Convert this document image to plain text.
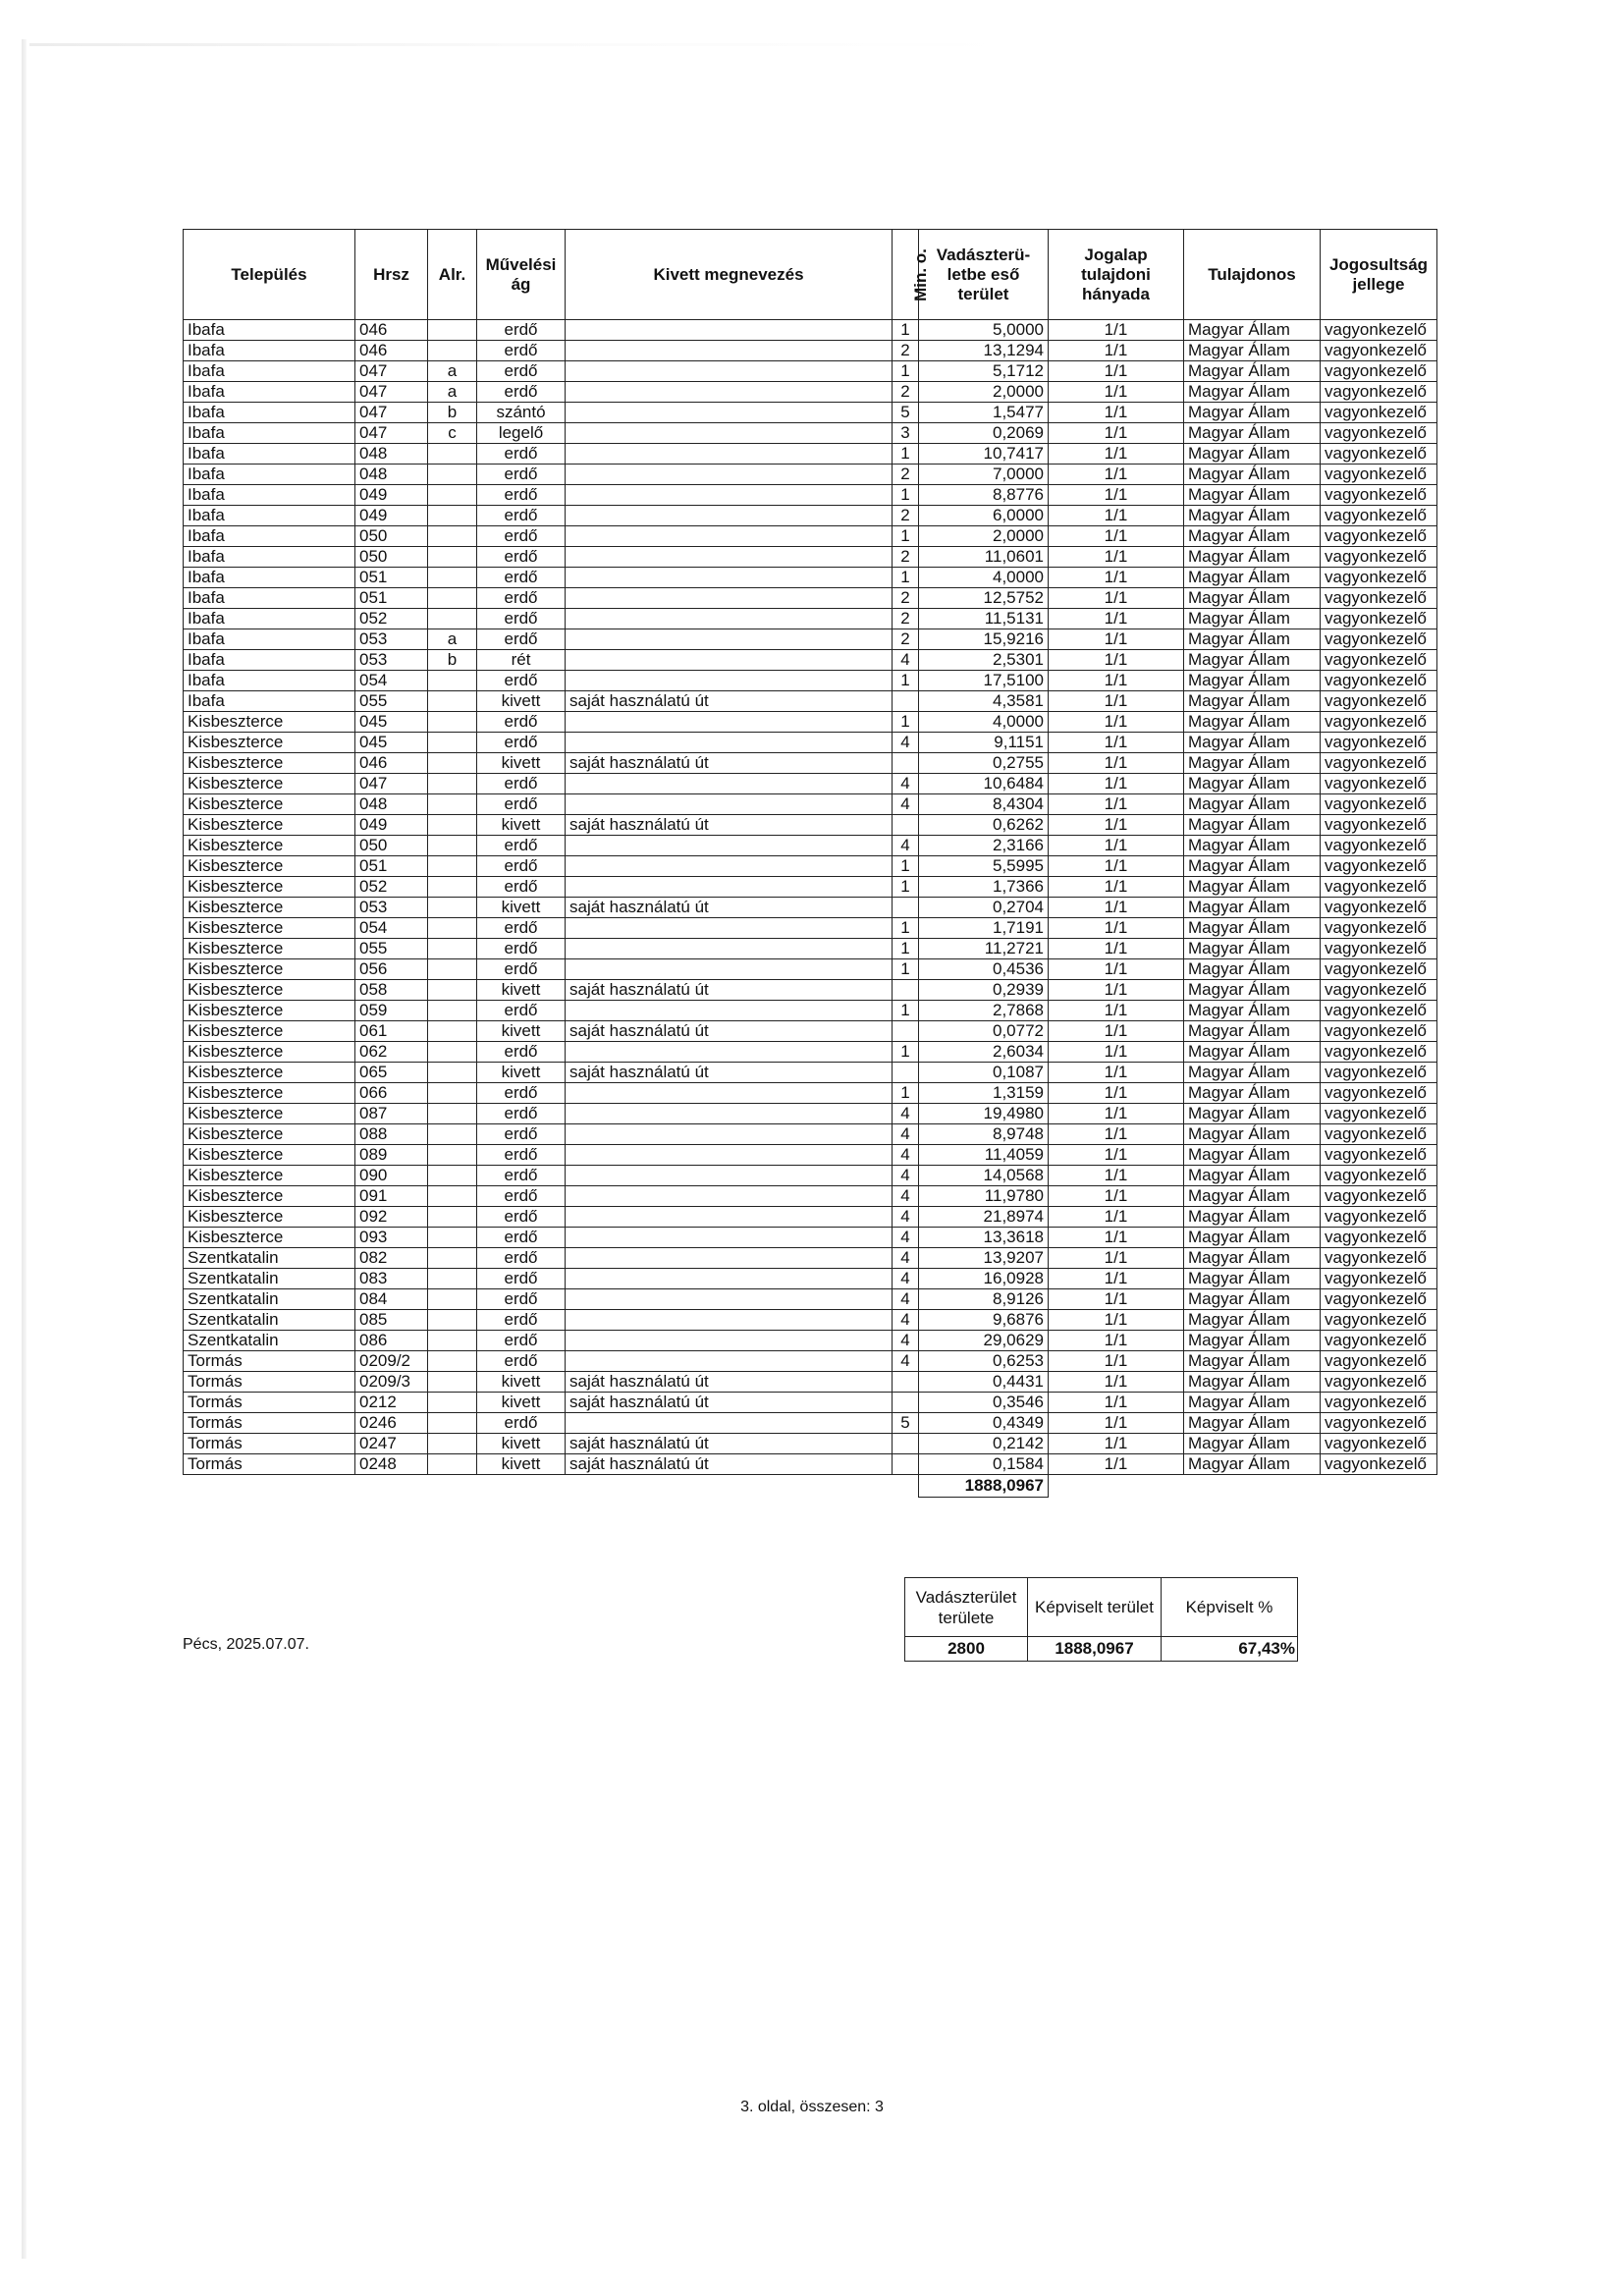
Település	Hrsz	Alr.	Művelési ág	Kivett megnevezés	Min. o.	Vadászterü-letbe eső terület	Jogalap tulajdoni hányada	Tulajdonos	Jogosultság jellege
Ibafa	046		erdő		1	5,0000	1/1	Magyar Állam	vagyonkezelő
Ibafa	046		erdő		2	13,1294	1/1	Magyar Állam	vagyonkezelő
Ibafa	047	a	erdő		1	5,1712	1/1	Magyar Állam	vagyonkezelő
Ibafa	047	a	erdő		2	2,0000	1/1	Magyar Állam	vagyonkezelő
Ibafa	047	b	szántó		5	1,5477	1/1	Magyar Állam	vagyonkezelő
Ibafa	047	c	legelő		3	0,2069	1/1	Magyar Állam	vagyonkezelő
Ibafa	048		erdő		1	10,7417	1/1	Magyar Állam	vagyonkezelő
Ibafa	048		erdő		2	7,0000	1/1	Magyar Állam	vagyonkezelő
Ibafa	049		erdő		1	8,8776	1/1	Magyar Állam	vagyonkezelő
Ibafa	049		erdő		2	6,0000	1/1	Magyar Állam	vagyonkezelő
Ibafa	050		erdő		1	2,0000	1/1	Magyar Állam	vagyonkezelő
Ibafa	050		erdő		2	11,0601	1/1	Magyar Állam	vagyonkezelő
Ibafa	051		erdő		1	4,0000	1/1	Magyar Állam	vagyonkezelő
Ibafa	051		erdő		2	12,5752	1/1	Magyar Állam	vagyonkezelő
Ibafa	052		erdő		2	11,5131	1/1	Magyar Állam	vagyonkezelő
Ibafa	053	a	erdő		2	15,9216	1/1	Magyar Állam	vagyonkezelő
Ibafa	053	b	rét		4	2,5301	1/1	Magyar Állam	vagyonkezelő
Ibafa	054		erdő		1	17,5100	1/1	Magyar Állam	vagyonkezelő
Ibafa	055		kivett	saját használatú út		4,3581	1/1	Magyar Állam	vagyonkezelő
Kisbeszterce	045		erdő		1	4,0000	1/1	Magyar Állam	vagyonkezelő
Kisbeszterce	045		erdő		4	9,1151	1/1	Magyar Állam	vagyonkezelő
Kisbeszterce	046		kivett	saját használatú út		0,2755	1/1	Magyar Állam	vagyonkezelő
Kisbeszterce	047		erdő		4	10,6484	1/1	Magyar Állam	vagyonkezelő
Kisbeszterce	048		erdő		4	8,4304	1/1	Magyar Állam	vagyonkezelő
Kisbeszterce	049		kivett	saját használatú út		0,6262	1/1	Magyar Állam	vagyonkezelő
Kisbeszterce	050		erdő		4	2,3166	1/1	Magyar Állam	vagyonkezelő
Kisbeszterce	051		erdő		1	5,5995	1/1	Magyar Állam	vagyonkezelő
Kisbeszterce	052		erdő		1	1,7366	1/1	Magyar Állam	vagyonkezelő
Kisbeszterce	053		kivett	saját használatú út		0,2704	1/1	Magyar Állam	vagyonkezelő
Kisbeszterce	054		erdő		1	1,7191	1/1	Magyar Állam	vagyonkezelő
Kisbeszterce	055		erdő		1	11,2721	1/1	Magyar Állam	vagyonkezelő
Kisbeszterce	056		erdő		1	0,4536	1/1	Magyar Állam	vagyonkezelő
Kisbeszterce	058		kivett	saját használatú út		0,2939	1/1	Magyar Állam	vagyonkezelő
Kisbeszterce	059		erdő		1	2,7868	1/1	Magyar Állam	vagyonkezelő
Kisbeszterce	061		kivett	saját használatú út		0,0772	1/1	Magyar Állam	vagyonkezelő
Kisbeszterce	062		erdő		1	2,6034	1/1	Magyar Állam	vagyonkezelő
Kisbeszterce	065		kivett	saját használatú út		0,1087	1/1	Magyar Állam	vagyonkezelő
Kisbeszterce	066		erdő		1	1,3159	1/1	Magyar Állam	vagyonkezelő
Kisbeszterce	087		erdő		4	19,4980	1/1	Magyar Állam	vagyonkezelő
Kisbeszterce	088		erdő		4	8,9748	1/1	Magyar Állam	vagyonkezelő
Kisbeszterce	089		erdő		4	11,4059	1/1	Magyar Állam	vagyonkezelő
Kisbeszterce	090		erdő		4	14,0568	1/1	Magyar Állam	vagyonkezelő
Kisbeszterce	091		erdő		4	11,9780	1/1	Magyar Állam	vagyonkezelő
Kisbeszterce	092		erdő		4	21,8974	1/1	Magyar Állam	vagyonkezelő
Kisbeszterce	093		erdő		4	13,3618	1/1	Magyar Állam	vagyonkezelő
Szentkatalin	082		erdő		4	13,9207	1/1	Magyar Állam	vagyonkezelő
Szentkatalin	083		erdő		4	16,0928	1/1	Magyar Állam	vagyonkezelő
Szentkatalin	084		erdő		4	8,9126	1/1	Magyar Állam	vagyonkezelő
Szentkatalin	085		erdő		4	9,6876	1/1	Magyar Állam	vagyonkezelő
Szentkatalin	086		erdő		4	29,0629	1/1	Magyar Állam	vagyonkezelő
Tormás	0209/2		erdő		4	0,6253	1/1	Magyar Állam	vagyonkezelő
Tormás	0209/3		kivett	saját használatú út		0,4431	1/1	Magyar Állam	vagyonkezelő
Tormás	0212		kivett	saját használatú út		0,3546	1/1	Magyar Állam	vagyonkezelő
Tormás	0246		erdő		5	0,4349	1/1	Magyar Állam	vagyonkezelő
Tormás	0247		kivett	saját használatú út		0,2142	1/1	Magyar Állam	vagyonkezelő
Tormás	0248		kivett	saját használatú út		0,1584	1/1	Magyar Állam	vagyonkezelő
						1888,0967			
Vadászterület területe	Képviselt terület	Képviselt %
2800	1888,0967	67,43%
Pécs, 2025.07.07.
3. oldal, összesen: 3
